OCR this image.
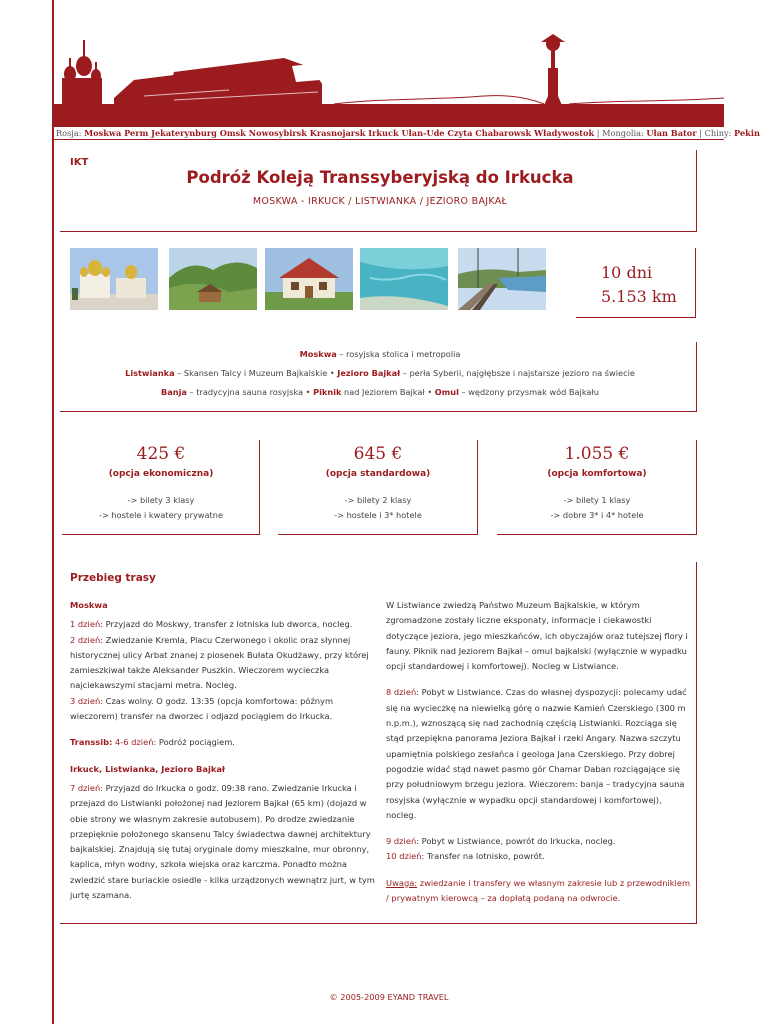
Rosja: Moskwa Perm Jekaterynburg Omsk Nowosybirsk Krasnojarsk Irkuck Ułan-Ude Czyta Chabarowsk Władywostok | Mongolia: Ułan Bator | Chiny: Pekin
IKT
Podróż Koleją Transsyberyjską do Irkucka
MOSKWA - IRKUCK / LISTWIANKA / JEZIORO BAJKAŁ
10 dni
5.153 km
Moskwa – rosyjska stolica i metropolia
Listwianka – Skansen Talcy i Muzeum Bajkalskie • Jezioro Bajkał – perła Syberii, najgłębsze i najstarsze jezioro na świecie
Banja – tradycyjna sauna rosyjska • Piknik nad Jeziorem Bajkał • Omul – wędzony przysmak wód Bajkału
425 €
(opcja ekonomiczna)
-> bilety 3 klasy
-> hostele i kwatery prywatne
645 €
(opcja standardowa)
-> bilety 2 klasy
-> hostele i 3* hotele
1.055 €
(opcja komfortowa)
-> bilety 1 klasy
-> dobre 3* i 4* hotele
Przebieg trasy
Moskwa

1 dzień: Przyjazd do Moskwy, transfer z lotniska lub dworca, nocleg.
2 dzień: Zwiedzanie Kremla, Placu Czerwonego i okolic oraz słynnej historycznej ulicy Arbat znanej z piosenek Bułata Okudżawy, przy której zamieszkiwał także Aleksander Puszkin. Wieczorem wycieczka najciekawszymi stacjami metra. Nocleg.
3 dzień: Czas wolny. O godz. 13:35 (opcja komfortowa: późnym wieczorem) transfer na dworzec i odjazd pociągiem do Irkucka.

Transsib: 4-6 dzień: Podróż pociągiem.

Irkuck, Listwianka, Jezioro Bajkał

7 dzień: Przyjazd do Irkucka o godz. 09:38 rano. Zwiedzanie Irkucka i przejazd do Listwianki położonej nad Jeziorem Bajkał (65 km) (dojazd w obie strony we własnym zakresie autobusem). Po drodze zwiedzanie przepięknie położonego skansenu Talcy świadectwa dawnej architektury bajkalskiej. Znajdują się tutaj oryginale domy mieszkalne, mur obronny, kaplica, młyn wodny, szkoła wiejska oraz karczma. Ponadto można zwiedzić stare buriackie osiedle - kilka urządzonych wewnątrz jurt, w tym jurtę szamana.

W Listwiance zwiedzą Państwo Muzeum Bajkalskie, w którym zgromadzone zostały liczne eksponaty, informacje i ciekawostki dotyczące jeziora, jego mieszkańców, ich obyczajów oraz tutejszej flory i fauny. Piknik nad Jeziorem Bajkał – omul bajkalski (wyłącznie w wypadku opcji standardowej i komfortowej). Nocleg w Listwiance.

8 dzień: Pobyt w Listwiance. Czas do własnej dyspozycji: polecamy udać się na wycieczkę na niewielką górę o nazwie Kamień Czerskiego (300 m n.p.m.), wznoszącą się nad zachodnią częścią Listwianki. Rozciąga się stąd przepiękna panorama Jeziora Bajkał i rzeki Angary. Nazwa szczytu upamiętnia polskiego zesłańca i geologa Jana Czerskiego. Przy dobrej pogodzie widać stąd nawet pasmo gór Chamar Daban rozciągające się przy południowym brzegu jeziora. Wieczorem: banja – tradycyjna sauna rosyjska (wyłącznie w wypadku opcji standardowej i komfortowej), nocleg.

9 dzień: Pobyt w Listwiance, powrót do Irkucka, nocleg.
10 dzień: Transfer na lotnisko, powrót.

Uwaga: zwiedzanie i transfery we własnym zakresie lub z przewodnikiem / prywatnym kierowcą – za dopłatą podaną na odwrocie.

© 2005-2009 EYAND TRAVEL
